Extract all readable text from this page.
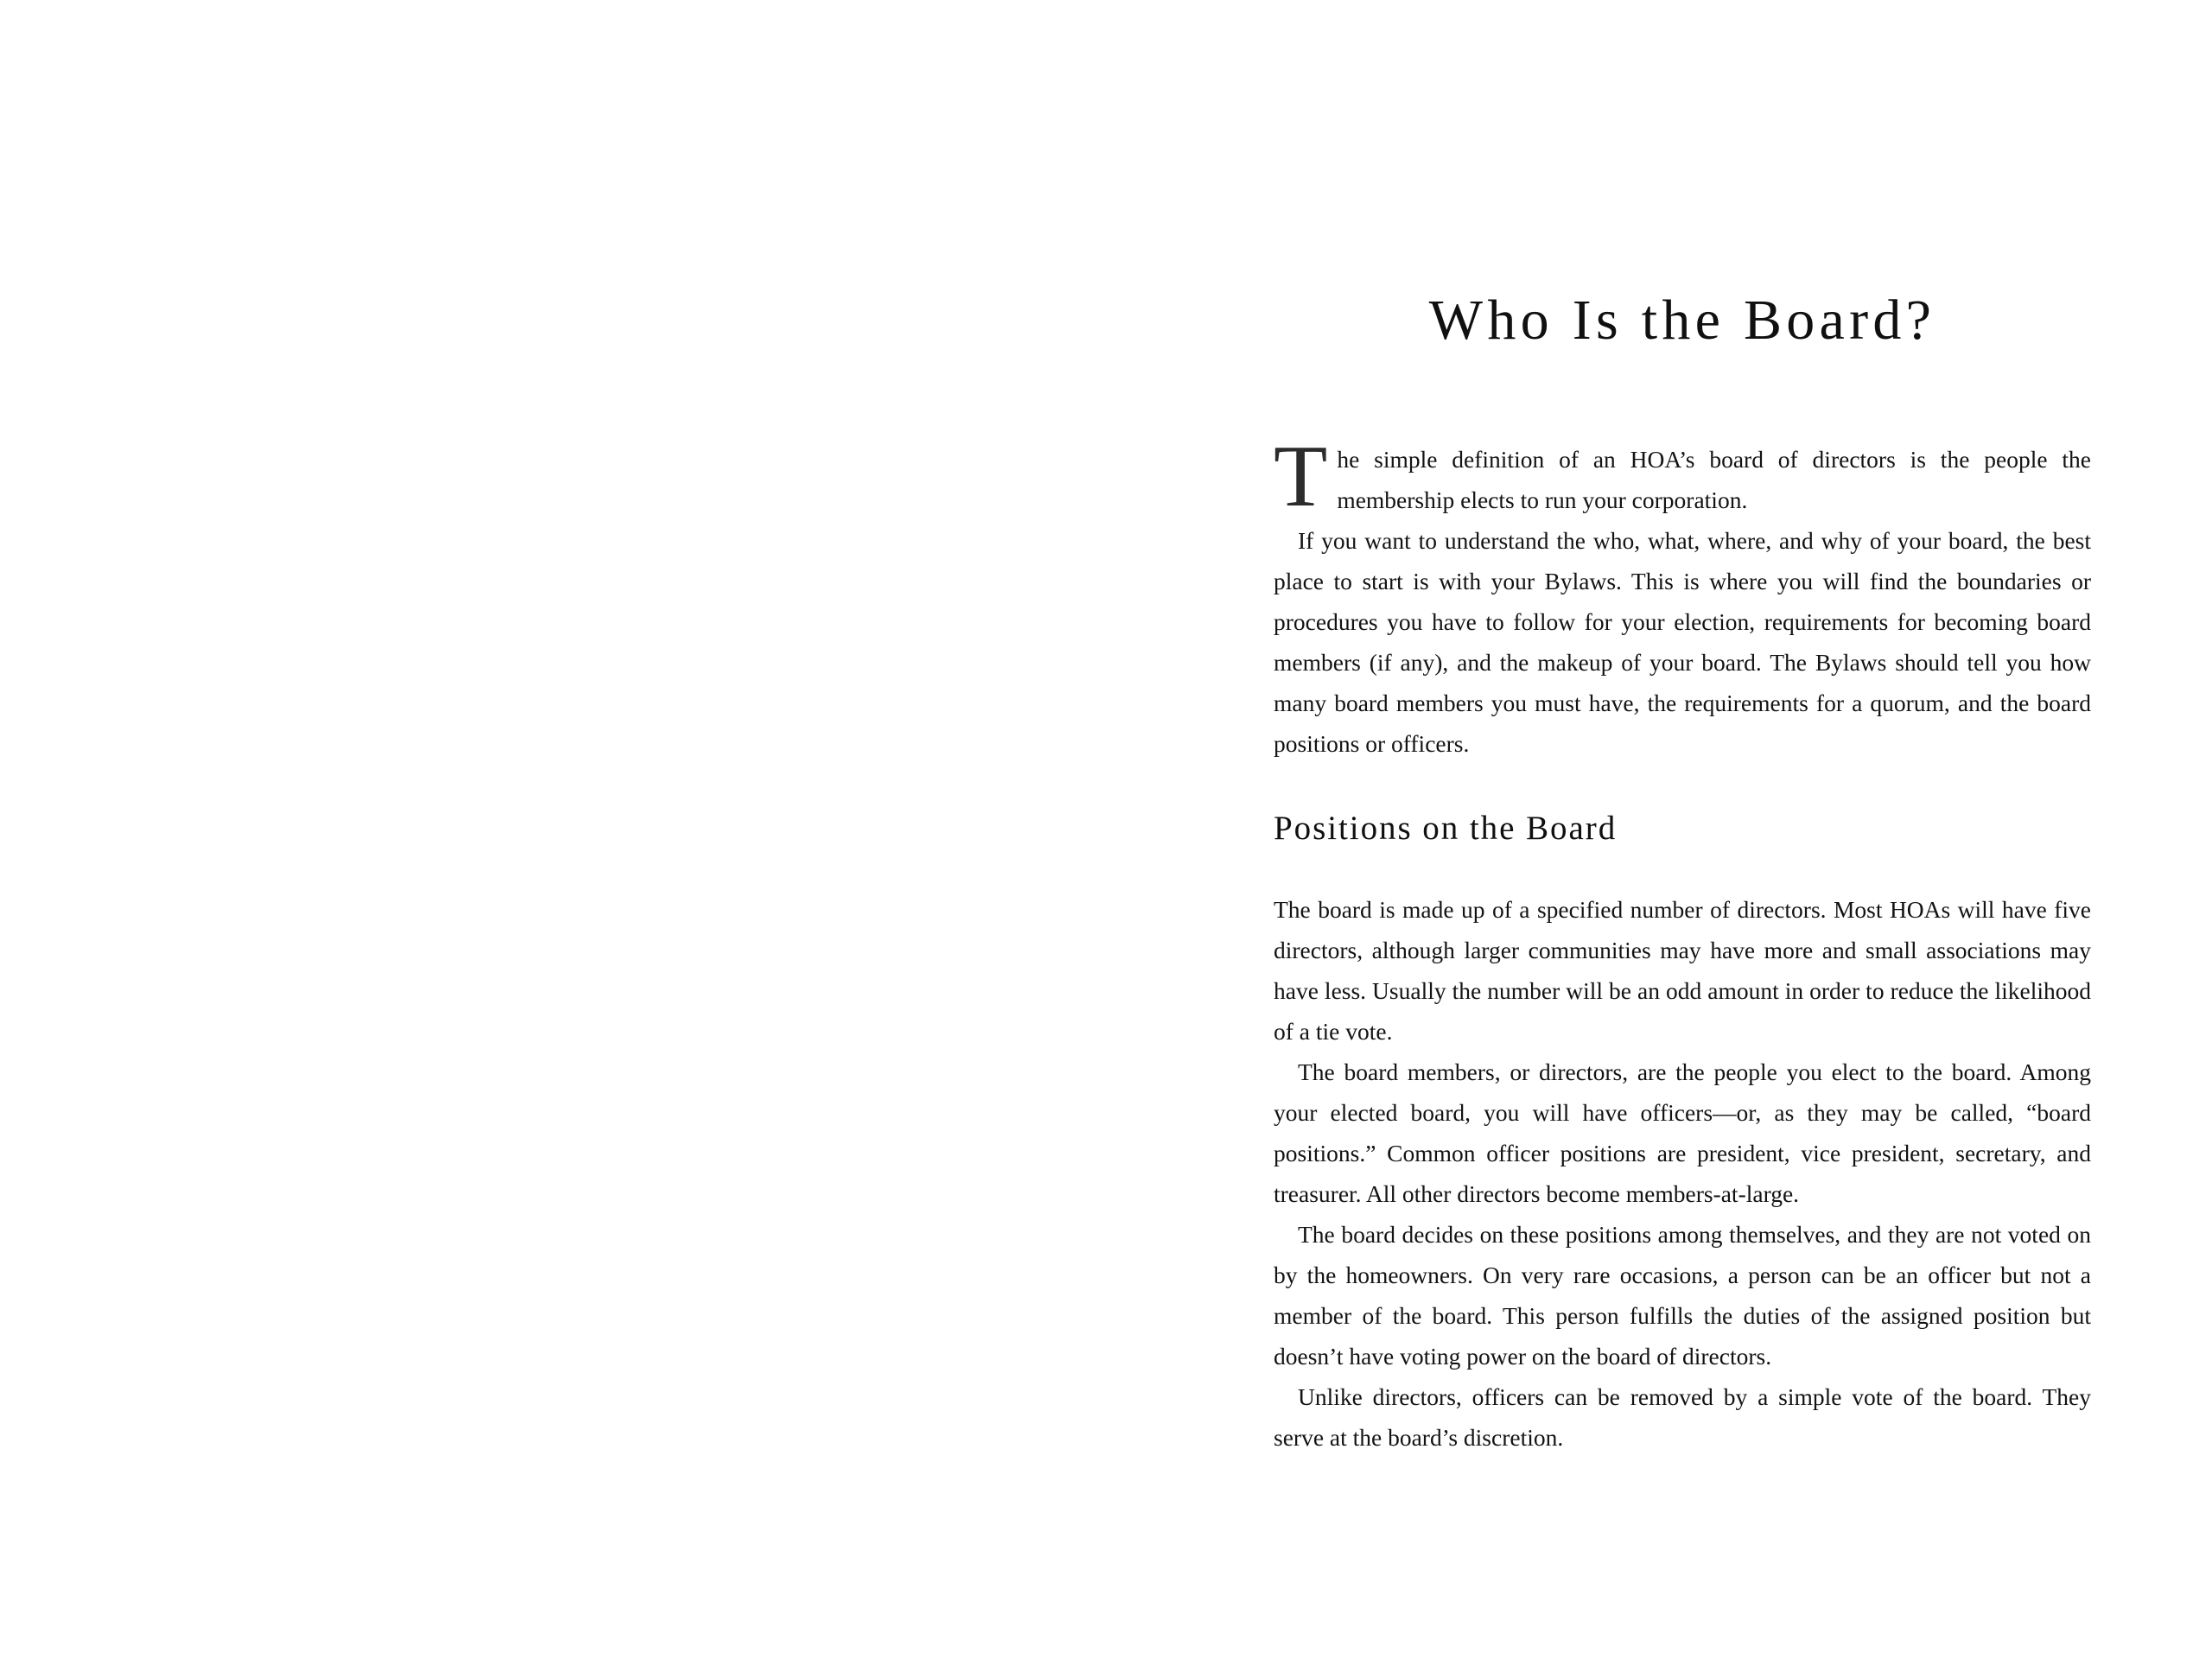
Who Is the Board?

The simple definition of an HOA’s board of directors is the people the membership elects to run your corporation.

If you want to understand the who, what, where, and why of your board, the best place to start is with your Bylaws. This is where you will find the boundaries or procedures you have to follow for your election, requirements for becoming board members (if any), and the makeup of your board. The Bylaws should tell you how many board members you must have, the requirements for a quorum, and the board positions or officers.

Positions on the Board

The board is made up of a specified number of directors. Most HOAs will have five directors, although larger communities may have more and small associations may have less. Usually the number will be an odd amount in order to reduce the likelihood of a tie vote.

The board members, or directors, are the people you elect to the board. Among your elected board, you will have officers—or, as they may be called, “board positions.” Common officer positions are president, vice president, secretary, and treasurer. All other directors become members-at-large.

The board decides on these positions among themselves, and they are not voted on by the homeowners. On very rare occasions, a person can be an officer but not a member of the board. This person fulfills the duties of the assigned position but doesn’t have voting power on the board of directors.

Unlike directors, officers can be removed by a simple vote of the board. They serve at the board’s discretion.
